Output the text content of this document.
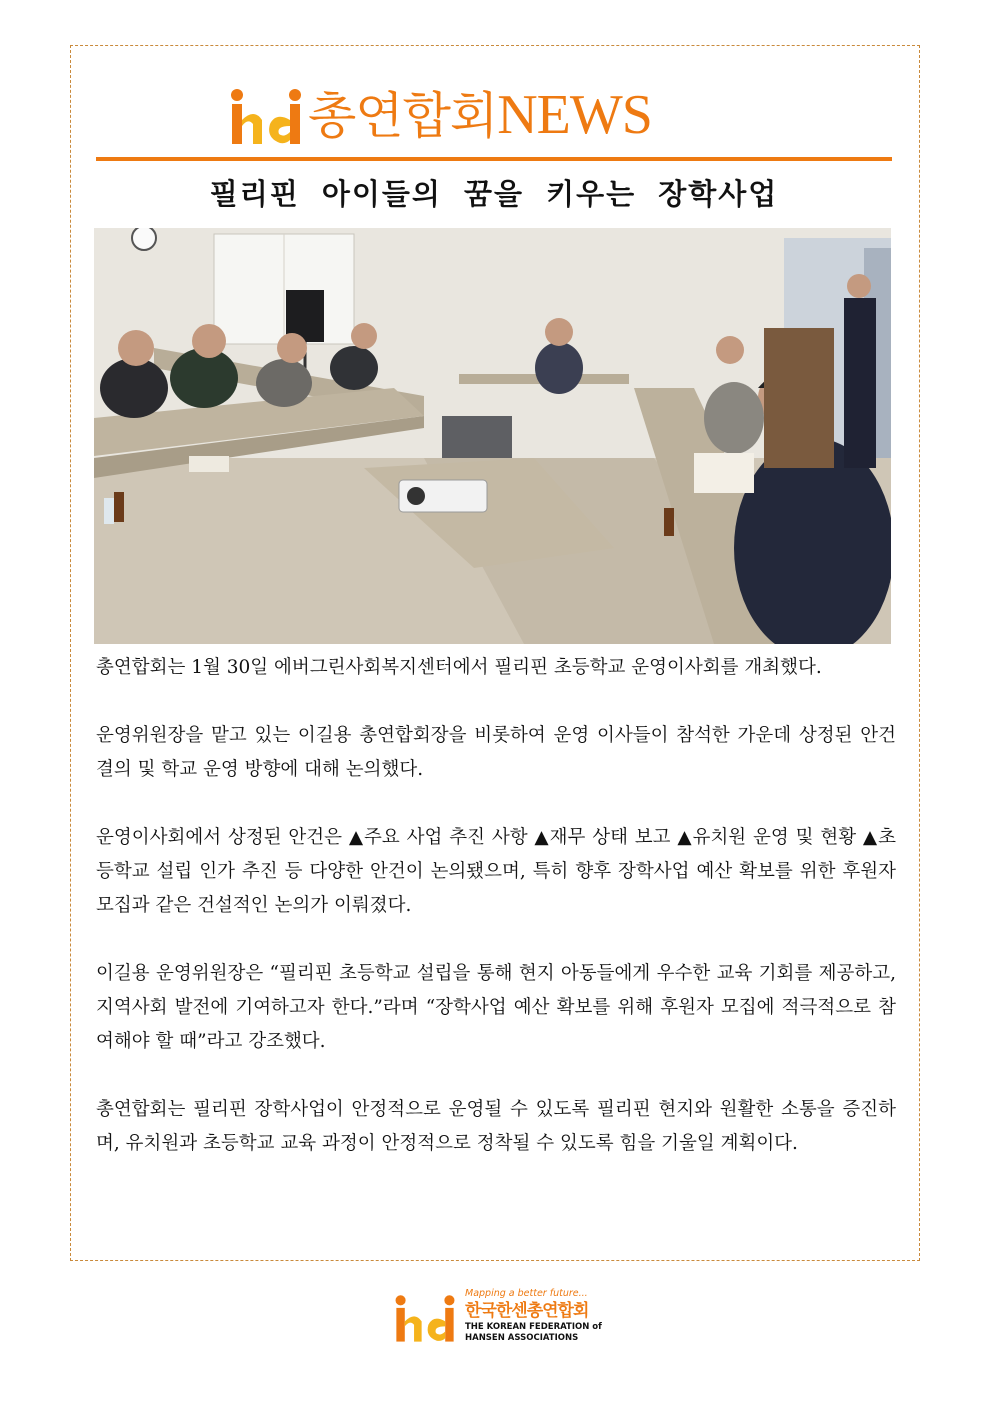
총연합회NEWS
필리핀 아이들의 꿈을 키우는 장학사업

총연합회는 1월 30일 에버그린사회복지센터에서 필리핀 초등학교 운영이사회를 개최했다.

운영위원장을 맡고 있는 이길용 총연합회장을 비롯하여 운영 이사들이 참석한 가운데 상정된 안건 결의 및 학교 운영 방향에 대해 논의했다.

운영이사회에서 상정된 안건은 ▲주요 사업 추진 사항 ▲재무 상태 보고 ▲유치원 운영 및 현황 ▲초등학교 설립 인가 추진 등 다양한 안건이 논의됐으며, 특히 향후 장학사업 예산 확보를 위한 후원자 모집과 같은 건설적인 논의가 이뤄졌다.

이길용 운영위원장은 “필리핀 초등학교 설립을 통해 현지 아동들에게 우수한 교육 기회를 제공하고, 지역사회 발전에 기여하고자 한다.”라며 “장학사업 예산 확보를 위해 후원자 모집에 적극적으로 참여해야 할 때”라고 강조했다.

총연합회는 필리핀 장학사업이 안정적으로 운영될 수 있도록 필리핀 현지와 원활한 소통을 증진하며, 유치원과 초등학교 교육 과정이 안정적으로 정착될 수 있도록 힘을 기울일 계획이다.

Mapping a better future...
한국한센총연합회
THE KOREAN FEDERATION of
HANSEN ASSOCIATIONS
